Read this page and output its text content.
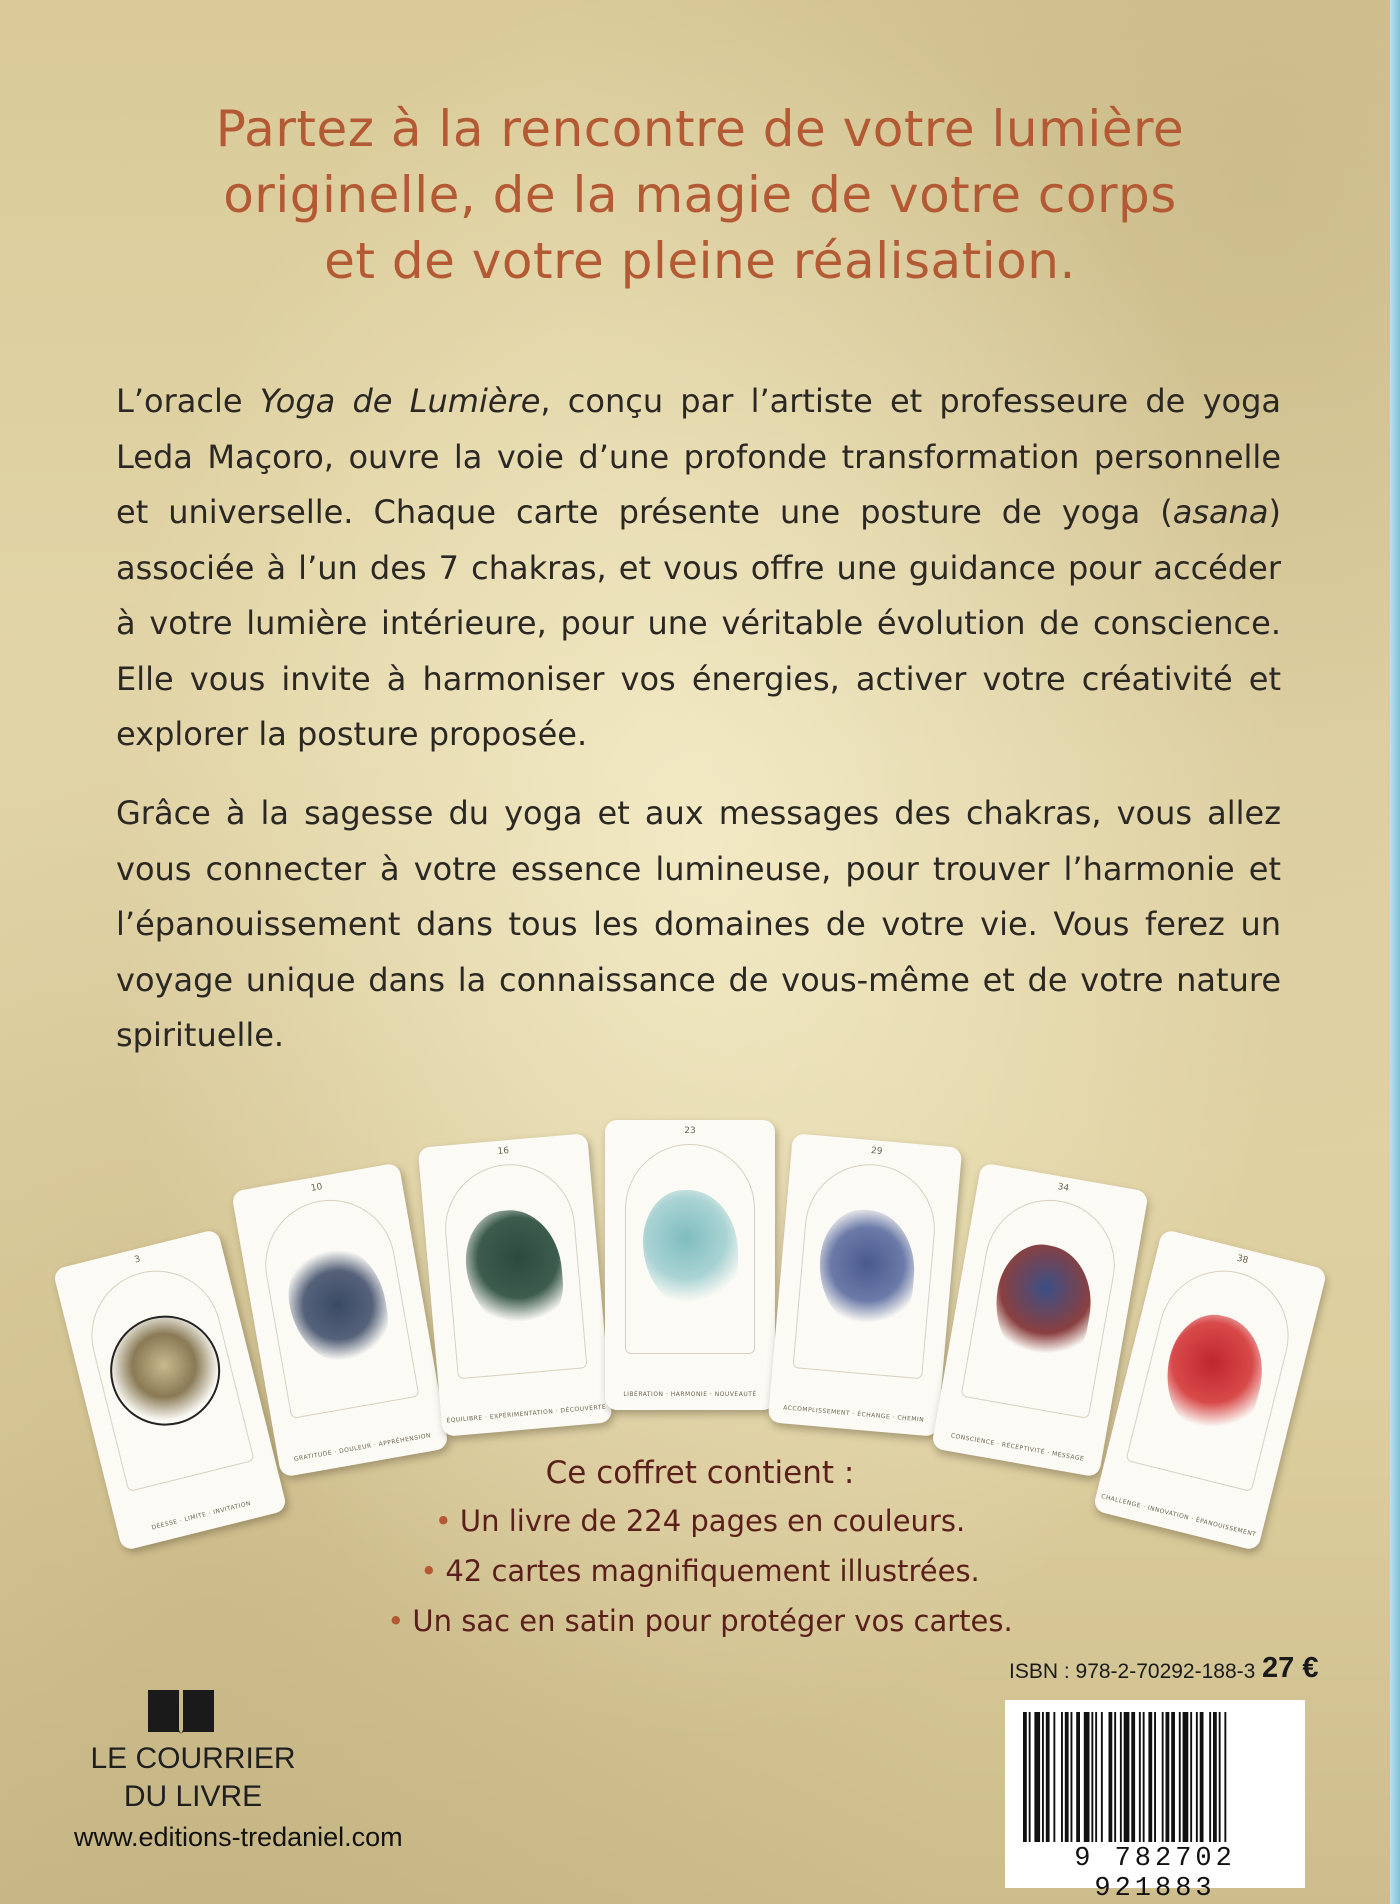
Partez à la rencontre de votre lumière
originelle, de la magie de votre corps
et de votre pleine réalisation.

L’oracle Yoga de Lumière, conçu par l’artiste et professeure de yoga Leda Maçoro, ouvre la voie d’une profonde transformation personnelle et universelle. Chaque carte présente une posture de yoga (asana) associée à l’un des 7 chakras, et vous offre une guidance pour accéder à votre lumière intérieure, pour une véritable évolution de conscience. Elle vous invite à harmoniser vos énergies, activer votre créativité et explorer la posture proposée.

Grâce à la sagesse du yoga et aux messages des chakras, vous allez vous connecter à votre essence lumineuse, pour trouver l’harmonie et l’épanouissement dans tous les domaines de votre vie. Vous ferez un voyage unique dans la connaissance de vous-même et de votre nature spirituelle.

3
DÉESSE · LIMITE · INVITATION
10
GRATITUDE · DOULEUR · APPRÉHENSION
16
ÉQUILIBRE · EXPÉRIMENTATION · DÉCOUVERTE
23
LIBÉRATION · HARMONIE · NOUVEAUTÉ
29
ACCOMPLISSEMENT · ÉCHANGE · CHEMIN
34
CONSCIENCE · RÉCEPTIVITÉ · MESSAGE
38
CHALLENGE · INNOVATION · ÉPANOUISSEMENT
Ce coffret contient :
• Un livre de 224 pages en couleurs.
• 42 cartes magnifiquement illustrées.
• Un sac en satin pour protéger vos cartes.
LE COURRIER
DU LIVRE
www.editions-tredaniel.com
ISBN : 978-2-70292-188-3 27 €
9 782702 921883
